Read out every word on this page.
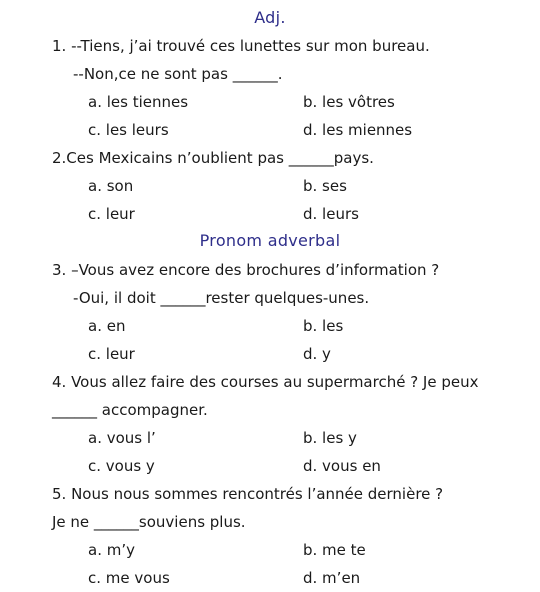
Adj.
1. --Tiens, j’ai trouvé ces lunettes sur mon bureau.
--Non,ce ne sont pas ______.
a. les tiennes	b. les vôtres
c. les leurs	d. les miennes
2.Ces Mexicains n’oublient pas ______pays.
a. son	b. ses
c. leur	d. leurs
Pronom adverbal
3. –Vous avez encore des brochures d’information ?
-Oui, il doit ______rester quelques-unes.
a. en	b. les
c. leur	d. y
4. Vous allez faire des courses au supermarché ? Je peux
______ accompagner.
a. vous l’	b. les y
c. vous y	d. vous en
5. Nous nous sommes rencontrés l’année dernière ?
Je ne ______souviens plus.
a. m’y	b. me te
c. me vous	d. m’en
